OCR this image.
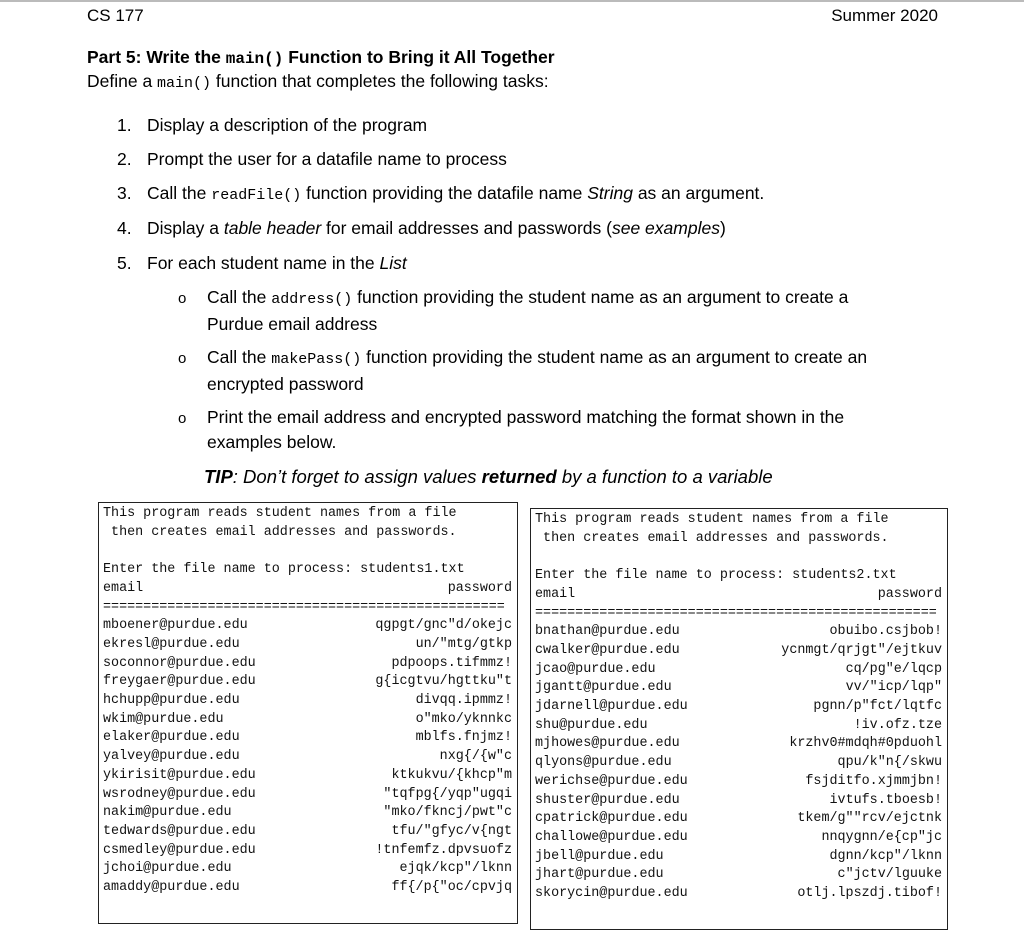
CS 177	Summer 2020
Part 5: Write the main() Function to Bring it All Together
Define a main() function that completes the following tasks:
1. Display a description of the program
2. Prompt the user for a datafile name to process
3. Call the readFile() function providing the datafile name String as an argument.
4. Display a table header for email addresses and passwords (see examples)
5. For each student name in the List
o Call the address() function providing the student name as an argument to create a Purdue email address
o Call the makePass() function providing the student name as an argument to create an encrypted password
o Print the email address and encrypted password matching the format shown in the examples below.
TIP: Don’t forget to assign values returned by a function to a variable
This program reads student names from a file
then creates email addresses and passwords.
Enter the file name to process: students1.txt
email	password
==================================================
mboener@purdue.edu	qgpgt/gnc"d/okejc
ekresl@purdue.edu	un/"mtg/gtkp
soconnor@purdue.edu	pdpoops.tifmmz!
freygaer@purdue.edu	g{icgtvu/hgttku"t
hchupp@purdue.edu	divqq.ipmmz!
wkim@purdue.edu	o"mko/yknnkc
elaker@purdue.edu	mblfs.fnjmz!
yalvey@purdue.edu	nxg{/{w"c
ykirisit@purdue.edu	ktkukvu/{khcp"m
wsrodney@purdue.edu	"tqfpg{/yqp"ugqi
nakim@purdue.edu	"mko/fkncj/pwt"c
tedwards@purdue.edu	tfu/"gfyc/v{ngt
csmedley@purdue.edu	!tnfemfz.dpvsuofz
jchoi@purdue.edu	ejqk/kcp"/lknn
amaddy@purdue.edu	ff{/p{"oc/cpvjq
This program reads student names from a file
then creates email addresses and passwords.
Enter the file name to process: students2.txt
email	password
==================================================
bnathan@purdue.edu	obuibo.csjbob!
cwalker@purdue.edu	ycnmgt/qrjgt"/ejtkuv
jcao@purdue.edu	cq/pg"e/lqcp
jgantt@purdue.edu	vv/"icp/lqp"
jdarnell@purdue.edu	pgnn/p"fct/lqtfc
shu@purdue.edu	!iv.ofz.tze
mjhowes@purdue.edu	krzhv0#mdqh#0pduohl
qlyons@purdue.edu	qpu/k"n{/skwu
werichse@purdue.edu	fsjditfo.xjmmjbn!
shuster@purdue.edu	ivtufs.tboesb!
cpatrick@purdue.edu	tkem/g""rcv/ejctnk
challowe@purdue.edu	nnqygnn/e{cp"jc
jbell@purdue.edu	dgnn/kcp"/lknn
jhart@purdue.edu	c"jctv/lguuke
skorycin@purdue.edu	otlj.lpszdj.tibof!
